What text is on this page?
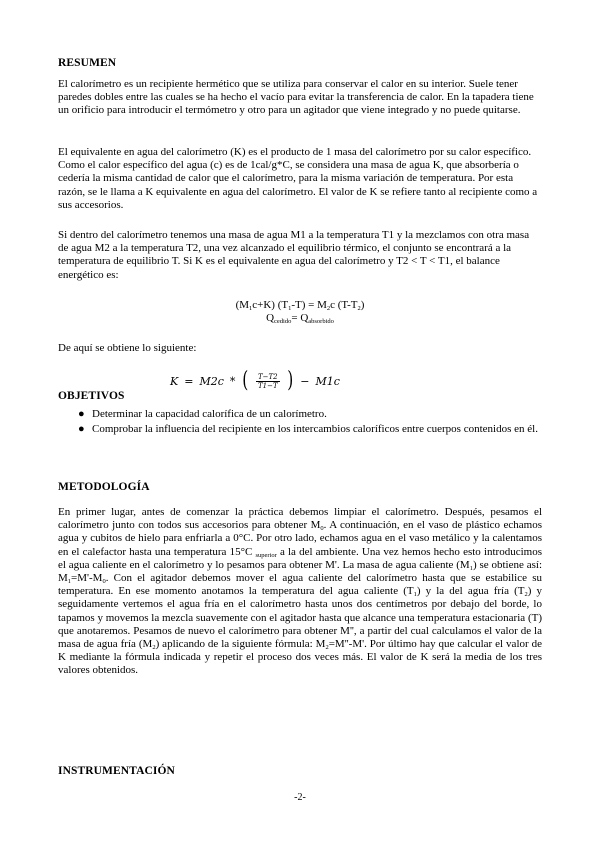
RESUMEN

El calorímetro es un recipiente hermético que se utiliza para conservar el calor en su interior. Suele tener paredes dobles entre las cuales se ha hecho el vacío para evitar la transferencia de calor. En la tapadera tiene un orificio para introducir el termómetro y otro para un agitador que viene integrado y no puede quitarse.

El equivalente en agua del calorímetro (K) es el producto de 1 masa del calorímetro por su calor específico. Como el calor específico del agua (c) es de 1cal/g*C, se considera una masa de agua K, que absorbería o cedería la misma cantidad de calor que el calorímetro, para la misma variación de temperatura. Por esta razón, se le llama a K equivalente en agua del calorímetro. El valor de K se refiere tanto al recipiente como a sus accesorios.

Si dentro del calorímetro tenemos una masa de agua M1 a la temperatura T1 y la mezclamos con otra masa de agua M2 a la temperatura T2, una vez alcanzado el equilibrio térmico, el conjunto se encontrará a la temperatura de equilibrio T. Si K es el equivalente en agua del calorímetro y T2 < T < T1, el balance energético es:

$(M_1c+K) (T_1-T) = M_2c$ $(T-T_2)$
$Q_{cedido}= Q_{absorbido}$

De aquí se obtiene lo siguiente:

OBJETIVOS
● Determinar la capacidad calorífica de un calorímetro.
● Comprobar la influencia del recipiente en los intercambios caloríficos entre cuerpos contenidos en él.
METODOLOGÍA

En primer lugar, antes de comenzar la práctica debemos limpiar el calorímetro. Después, pesamos el calorímetro junto con todos sus accesorios para obtener $M_0$. A continuación, en el vaso de plástico echamos agua y cubitos de hielo para enfriarla a 0°C. Por otro lado, echamos agua en el vaso metálico y la calentamos en el calefactor hasta una temperatura 15°C $_{superior}$ a la del ambiente. Una vez hemos hecho esto introducimos el agua caliente en el calorímetro y lo pesamos para obtener M'. La masa de agua caliente $(M_1)$ se obtiene así: $M_1=M'-M_0$. Con el agitador debemos mover el agua caliente del calorímetro hasta que se estabilice su temperatura. En ese momento anotamos la temperatura del agua caliente $(T_1)$ y la del agua fría $(T_2)$ y seguidamente vertemos el agua fría en el calorímetro hasta unos dos centímetros por debajo del borde, lo tapamos y movemos la mezcla suavemente con el agitador hasta que alcance una temperatura estacionaria (T) que anotaremos. Pesamos de nuevo el calorímetro para obtener M'', a partir del cual calculamos el valor de la masa de agua fría $(M_2)$ aplicando de la siguiente fórmula: $M_2=M''-M'$. Por último hay que calcular el valor de K mediante la fórmula indicada y repetir el proceso dos veces más. El valor de K será la media de los tres valores obtenidos.

INSTRUMENTACIÓN
-2-
K = M2c * ( $\frac{T-T2}{T1-T}$ ) − M1c
